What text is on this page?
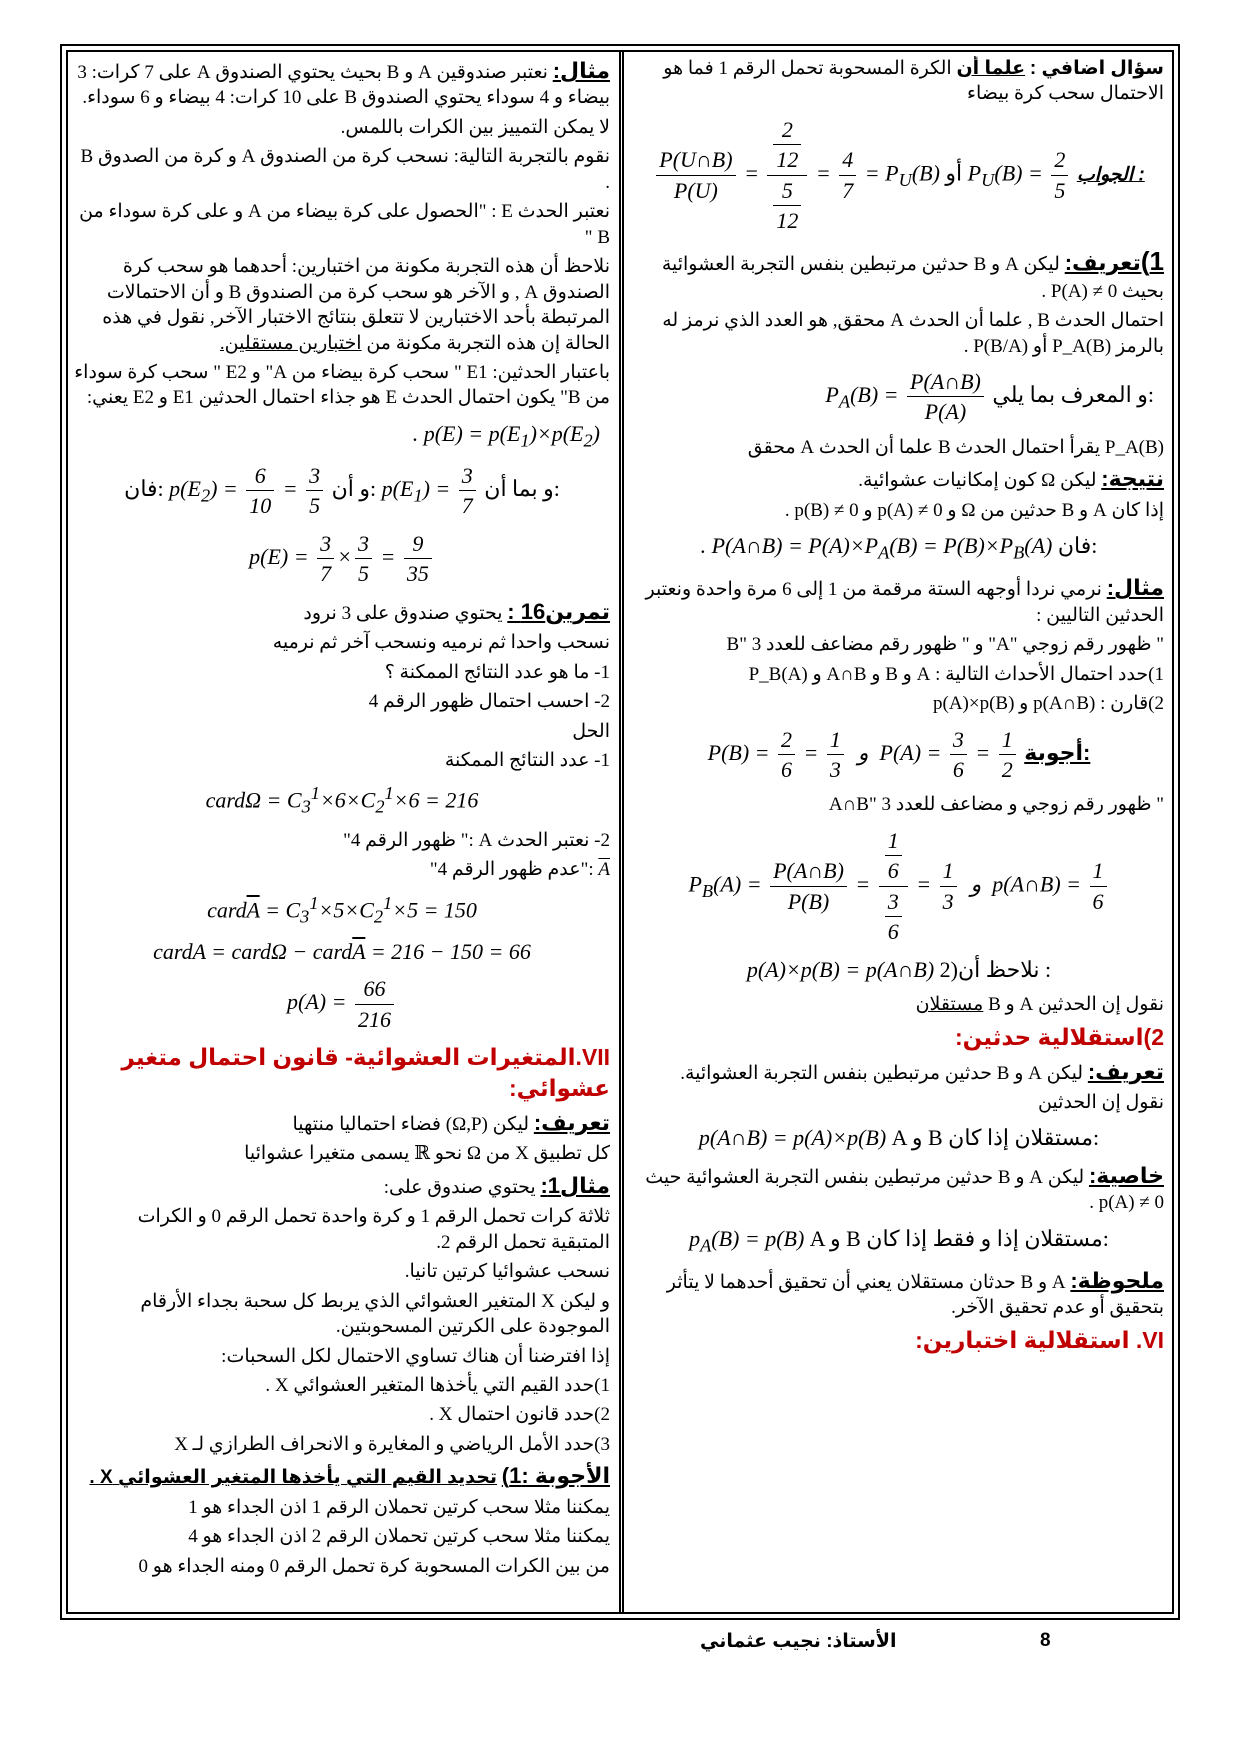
سؤال اضافي : علما أن الكرة المسحوبة تحمل الرقم 1 فما هو الاحتمال سحب كرة بيضاء

$\frac{P(U\cap B)}{P(U)} = \frac{\frac{2}{12}}{\frac{5}{12}} = \frac{4}{7} = P_U(B)$ أو $P_U(B) = \frac{2}{5}$ الجواب :

1)تعريف: ليكن A و B حدثين مرتبطين بنفس التجربة العشوائية بحيث P(A) ≠ 0 .

احتمال الحدث B , علما أن الحدث A محقق, هو العدد الذي نرمز له بالرمز P_A(B) أو P(B/A) .

$P_A(B) = \frac{P(A\cap B)}{P(A)}$ و المعرف بما يلي:

P_A(B) يقرأ احتمال الحدث B علما أن الحدث A محقق

نتيجة: ليكن Ω كون إمكانيات عشوائية.

إذا كان A و B حدثين من Ω و p(A) ≠ 0 و p(B) ≠ 0 .

. P(A∩B) = $P(A)\times P_A(B) = P(B)\times P_B(A)$ فان:

مثال: نرمي نردا أوجهه الستة مرقمة من 1 إلى 6 مرة واحدة ونعتبر الحدثين التاليين :

" ظهور رقم زوجي "A" و " ظهور رقم مضاعف للعدد 3 "B

1)حدد احتمال الأحداث التالية : A و B و A∩B و P_B(A)

2)قارن : p(A∩B) و p(A)×p(B)

$P(B) = \frac{2}{6} = \frac{1}{3}$ و  $P(A) = \frac{3}{6} = \frac{1}{2}$ أجوبة:

" ظهور رقم زوجي و مضاعف للعدد 3 "A∩B

$P_B(A) = \frac{P(A\cap B)}{P(B)} = \frac{\frac{1}{6}}{\frac{3}{6}} = \frac{1}{3}$ و  p(A∩B) = $\frac{1}{6}$
p(A)×p(B) = p(A∩B) 2)نلاحظ أن :

نقول إن الحدثين A و B مستقلان

2)استقلالية حدثين:

تعريف: ليكن A و B حدثين مرتبطين بنفس التجربة العشوائية.

نقول إن الحدثين

p(A∩B) = p(A)×p(B) A و B مستقلان إذا كان:

خاصية: ليكن A و B حدثين مرتبطين بنفس التجربة العشوائية حيث p(A) ≠ 0 .

$p_A(B) = p(B)$ A و B مستقلان إذا و فقط إذا كان:

ملحوظة: A و B حدثان مستقلان يعني أن تحقيق أحدهما لا يتأثر بتحقيق أو عدم تحقيق الآخر.

VI. استقلالية اختبارين:

مثال: نعتبر صندوقين A و B بحيث يحتوي الصندوق A على 7 كرات: 3 بيضاء و 4 سوداء يحتوي الصندوق B على 10 كرات: 4 بيضاء و 6 سوداء.

لا يمكن التمييز بين الكرات باللمس.

نقوم بالتجربة التالية: نسحب كرة من الصندوق A و كرة من الصدوق B .

نعتبر الحدث E : "الحصول على كرة بيضاء من A و على كرة سوداء من B "

نلاحظ أن هذه التجربة مكونة من اختبارين: أحدهما هو سحب كرة الصندوق A , و الآخر هو سحب كرة من الصندوق B و أن الاحتمالات المرتبطة بأحد الاختبارين لا تتعلق بنتائج الاختبار الآخر, نقول في هذه الحالة إن هذه التجربة مكونة من اختبارين مستقلين.

باعتبار الحدثين: E1 " سحب كرة بيضاء من A" و E2 " سحب كرة سوداء من B" يكون احتمال الحدث E هو جذاء احتمال الحدثين E1 و E2 يعني:

. $p(E) = p(E_1)\times p(E_2)$
فان: $p(E_2) = \frac{6}{10} = \frac{3}{5}$ و أن: $p(E_1) = \frac{3}{7}$ و بما أن:
$p(E) = \frac{3}{7} \times \frac{3}{5} = \frac{9}{35}$

تمرين16 : يحتوي صندوق على 3 نرود

نسحب واحدا ثم نرميه ونسحب آخر ثم نرميه

1- ما هو عدد النتائج الممكنة ؟

2- احسب احتمال ظهور الرقم 4

الحل

1- عدد النتائج الممكنة

cardΩ = $C_3^1\times 6\times C_2^1\times 6 = 216$

2- نعتبر الحدث A :" ظهور الرقم 4"

$\overline{A}$ :"عدم ظهور الرقم 4"

$card\overline{A} = C_3^1\times 5\times C_2^1\times 5 = 150$
cardA = cardΩ − $card\overline{A} = 216 - 150 = 66$
$p(A) = \frac{66}{216}$

VII.المتغيرات العشوائية- قانون احتمال متغير عشوائي:

تعريف: ليكن (Ω,P) فضاء احتماليا منتهيا

كل تطبيق X من Ω نحو ℝ يسمى متغيرا عشوائيا

مثال1: يحتوي صندوق على:

ثلاثة كرات تحمل الرقم 1 و كرة واحدة تحمل الرقم 0 و الكرات المتبقية تحمل الرقم 2.

نسحب عشوائيا كرتين تانيا.

و ليكن X المتغير العشوائي الذي يربط كل سحبة بجداء الأرقام الموجودة على الكرتين المسحوبتين.

إذا افترضنا أن هناك تساوي الاحتمال لكل السحبات:

1)حدد القيم التي يأخذها المتغير العشوائي X .

2)حدد قانون احتمال X .

3)حدد الأمل الرياضي و المغايرة و الانحراف الطرازي لـ X

الأجوبة :1) تحديد القيم التي يأخذها المتغير العشوائي X .

يمكننا مثلا سحب كرتين تحملان الرقم 1 اذن الجداء هو 1

يمكننا مثلا سحب كرتين تحملان الرقم 2 اذن الجداء هو 4

من بين الكرات المسحوبة كرة تحمل الرقم 0 ومنه الجداء هو 0

8
الأستاذ: نجيب عثماني
